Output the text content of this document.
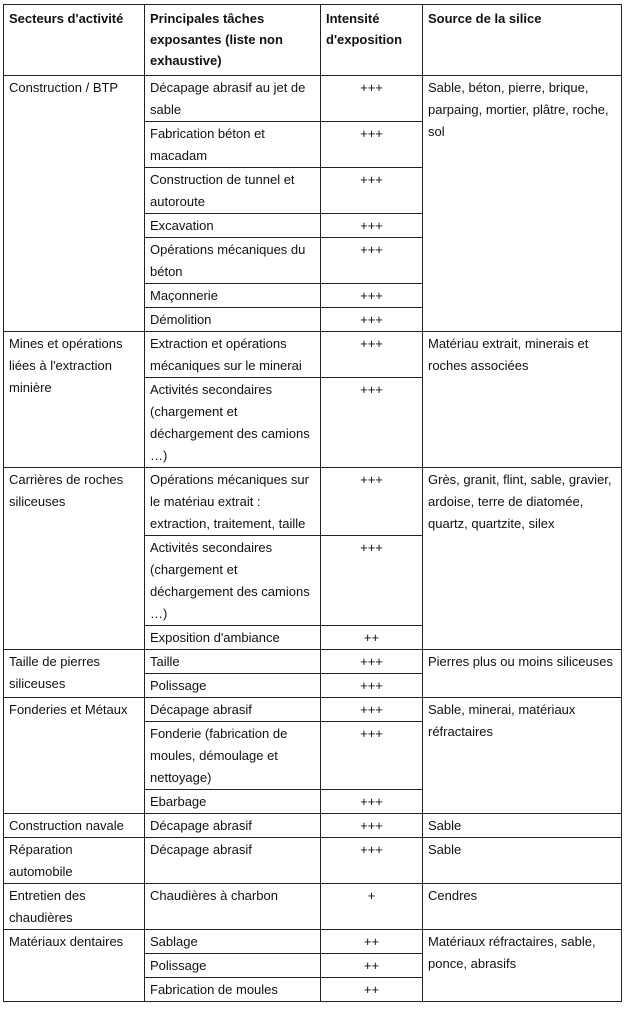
Secteurs d'activité	Principales tâches exposantes (liste non exhaustive)	Intensité d'exposition	Source de la silice
Construction / BTP	Décapage abrasif au jet de sable	+++	Sable, béton, pierre, brique, parpaing, mortier, plâtre, roche, sol
	Fabrication béton et macadam	+++	
	Construction de tunnel et autoroute	+++	
	Excavation	+++	
	Opérations mécaniques du béton	+++	
	Maçonnerie	+++	
	Démolition	+++	
Mines et opérations liées à l'extraction minière	Extraction et opérations mécaniques sur le minerai	+++	Matériau extrait, minerais et roches associées
	Activités secondaires (chargement et déchargement des camions …)	+++	
Carrières de roches siliceuses	Opérations mécaniques sur le matériau extrait : extraction, traitement, taille	+++	Grès, granit, flint, sable, gravier, ardoise, terre de diatomée, quartz, quartzite, silex
	Activités secondaires (chargement et déchargement des camions …)	+++	
	Exposition d'ambiance	++	
Taille de pierres siliceuses	Taille	+++	Pierres plus ou moins siliceuses
	Polissage	+++	
Fonderies et Métaux	Décapage abrasif	+++	Sable, minerai, matériaux réfractaires
	Fonderie (fabrication de moules, démoulage et nettoyage)	+++	
	Ebarbage	+++	
Construction navale	Décapage abrasif	+++	Sable
Réparation automobile	Décapage abrasif	+++	Sable
Entretien des chaudières	Chaudières à charbon	+	Cendres
Matériaux dentaires	Sablage	++	Matériaux réfractaires, sable, ponce, abrasifs
	Polissage	++	
	Fabrication de moules	++	
